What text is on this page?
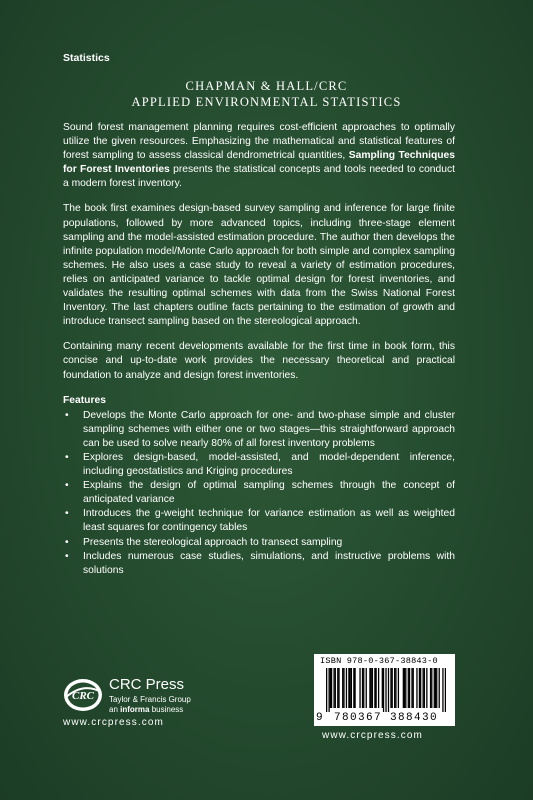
Statistics
CHAPMAN & HALL/CRC
APPLIED ENVIRONMENTAL STATISTICS

Sound forest management planning requires cost-efficient approaches to optimally utilize the given resources. Emphasizing the mathematical and statistical features of forest sampling to assess classical dendrometrical quantities, Sampling Techniques for Forest Inventories presents the statistical concepts and tools needed to conduct a modern forest inventory.

The book first examines design-based survey sampling and inference for large finite populations, followed by more advanced topics, including three-stage element sampling and the model-assisted estimation procedure. The author then develops the infinite population model/Monte Carlo approach for both simple and complex sampling schemes. He also uses a case study to reveal a variety of estimation procedures, relies on anticipated variance to tackle optimal design for forest inventories, and validates the resulting optimal schemes with data from the Swiss National Forest Inventory. The last chapters outline facts pertaining to the estimation of growth and introduce transect sampling based on the stereological approach.

Containing many recent developments available for the first time in book form, this concise and up-to-date work provides the necessary theoretical and practical foundation to analyze and design forest inventories.

Features
• Develops the Monte Carlo approach for one- and two-phase simple and cluster sampling schemes with either one or two stages—this straightforward approach can be used to solve nearly 80% of all forest inventory problems
• Explores design-based, model-assisted, and model-dependent inference, including geostatistics and Kriging procedures
• Explains the design of optimal sampling schemes through the concept of anticipated variance
• Introduces the g-weight technique for variance estimation as well as weighted least squares for contingency tables
• Presents the stereological approach to transect sampling
• Includes numerous case studies, simulations, and instructive problems with solutions
CRC
CRC Press
Taylor & Francis Group
an informa business
www.crcpress.com
ISBN 978-0-367-38843-0
9 780367 388430
www.crcpress.com
